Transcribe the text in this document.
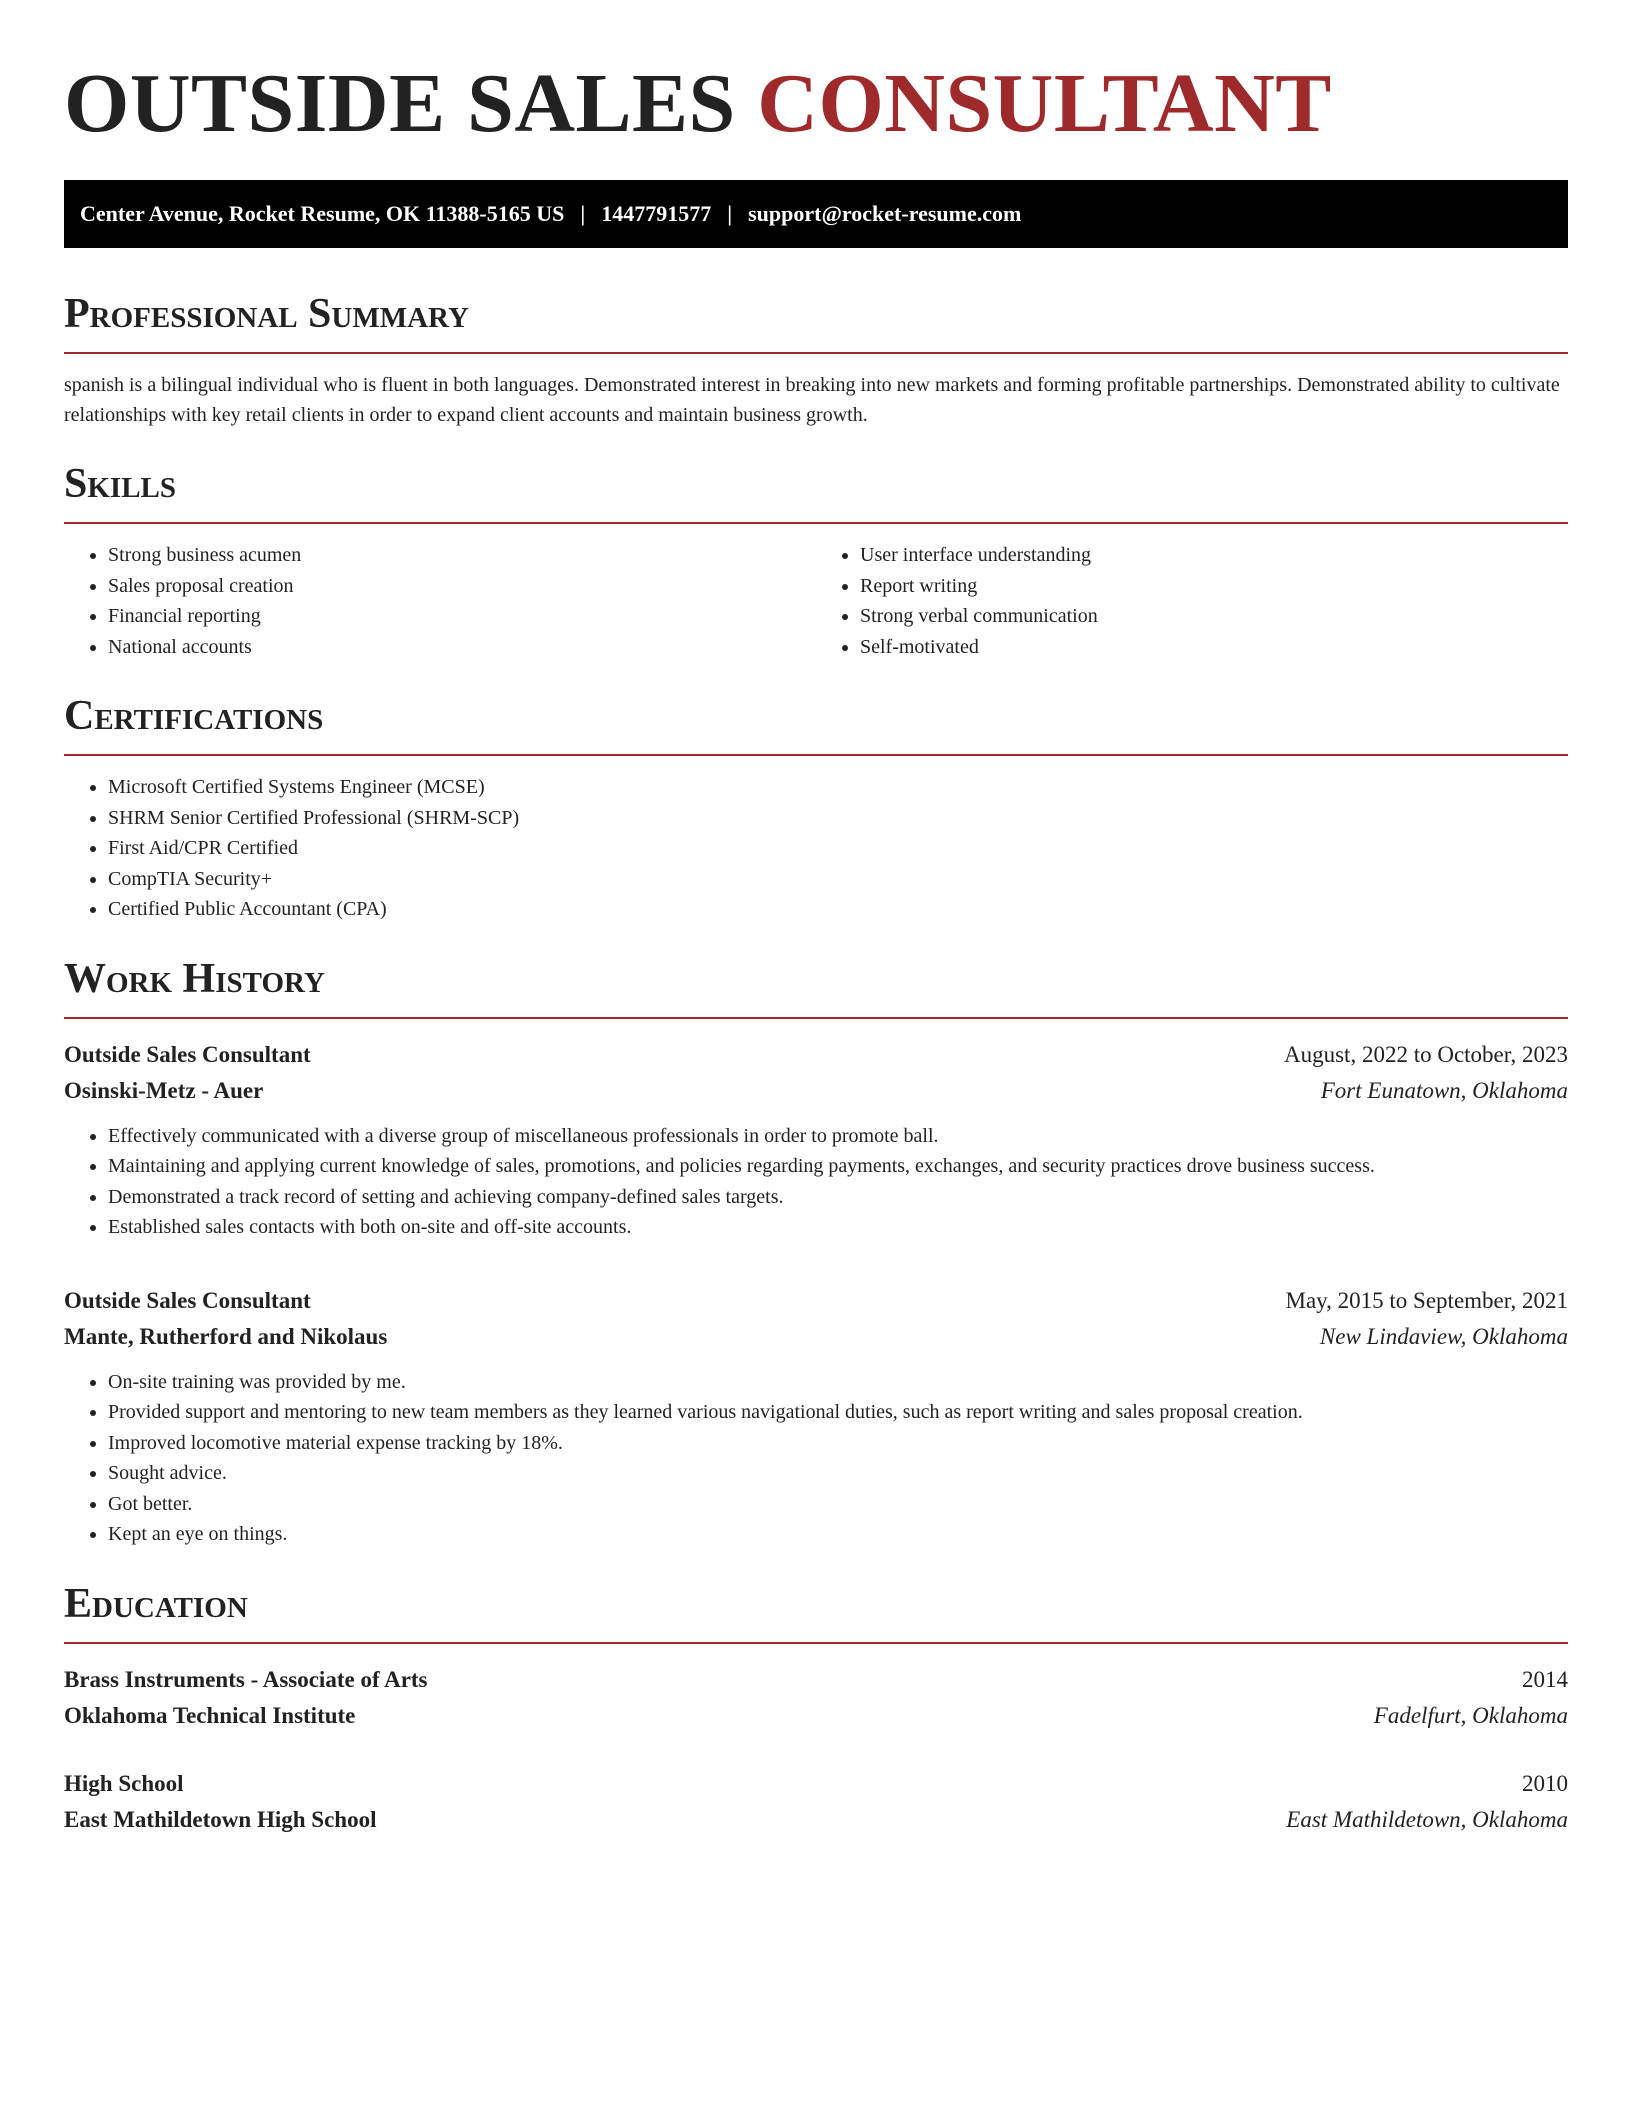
OUTSIDE SALES CONSULTANT
Center Avenue, Rocket Resume, OK 11388-5165 US | 1447791577 | support@rocket-resume.com
Professional Summary

spanish is a bilingual individual who is fluent in both languages. Demonstrated interest in breaking into new markets and forming profitable partnerships. Demonstrated ability to cultivate relationships with key retail clients in order to expand client accounts and maintain business growth.

Skills
• Strong business acumen
• Sales proposal creation
• Financial reporting
• National accounts
• User interface understanding
• Report writing
• Strong verbal communication
• Self-motivated
Certifications
• Microsoft Certified Systems Engineer (MCSE)
• SHRM Senior Certified Professional (SHRM-SCP)
• First Aid/CPR Certified
• CompTIA Security+
• Certified Public Accountant (CPA)
Work History
Outside Sales Consultant	August, 2022 to October, 2023
Osinski-Metz - Auer	Fort Eunatown, Oklahoma
• Effectively communicated with a diverse group of miscellaneous professionals in order to promote ball.
• Maintaining and applying current knowledge of sales, promotions, and policies regarding payments, exchanges, and security practices drove business success.
• Demonstrated a track record of setting and achieving company-defined sales targets.
• Established sales contacts with both on-site and off-site accounts.
Outside Sales Consultant	May, 2015 to September, 2021
Mante, Rutherford and Nikolaus	New Lindaview, Oklahoma
• On-site training was provided by me.
• Provided support and mentoring to new team members as they learned various navigational duties, such as report writing and sales proposal creation.
• Improved locomotive material expense tracking by 18%.
• Sought advice.
• Got better.
• Kept an eye on things.
Education
Brass Instruments - Associate of Arts	2014
Oklahoma Technical Institute	Fadelfurt, Oklahoma
High School	2010
East Mathildetown High School	East Mathildetown, Oklahoma
